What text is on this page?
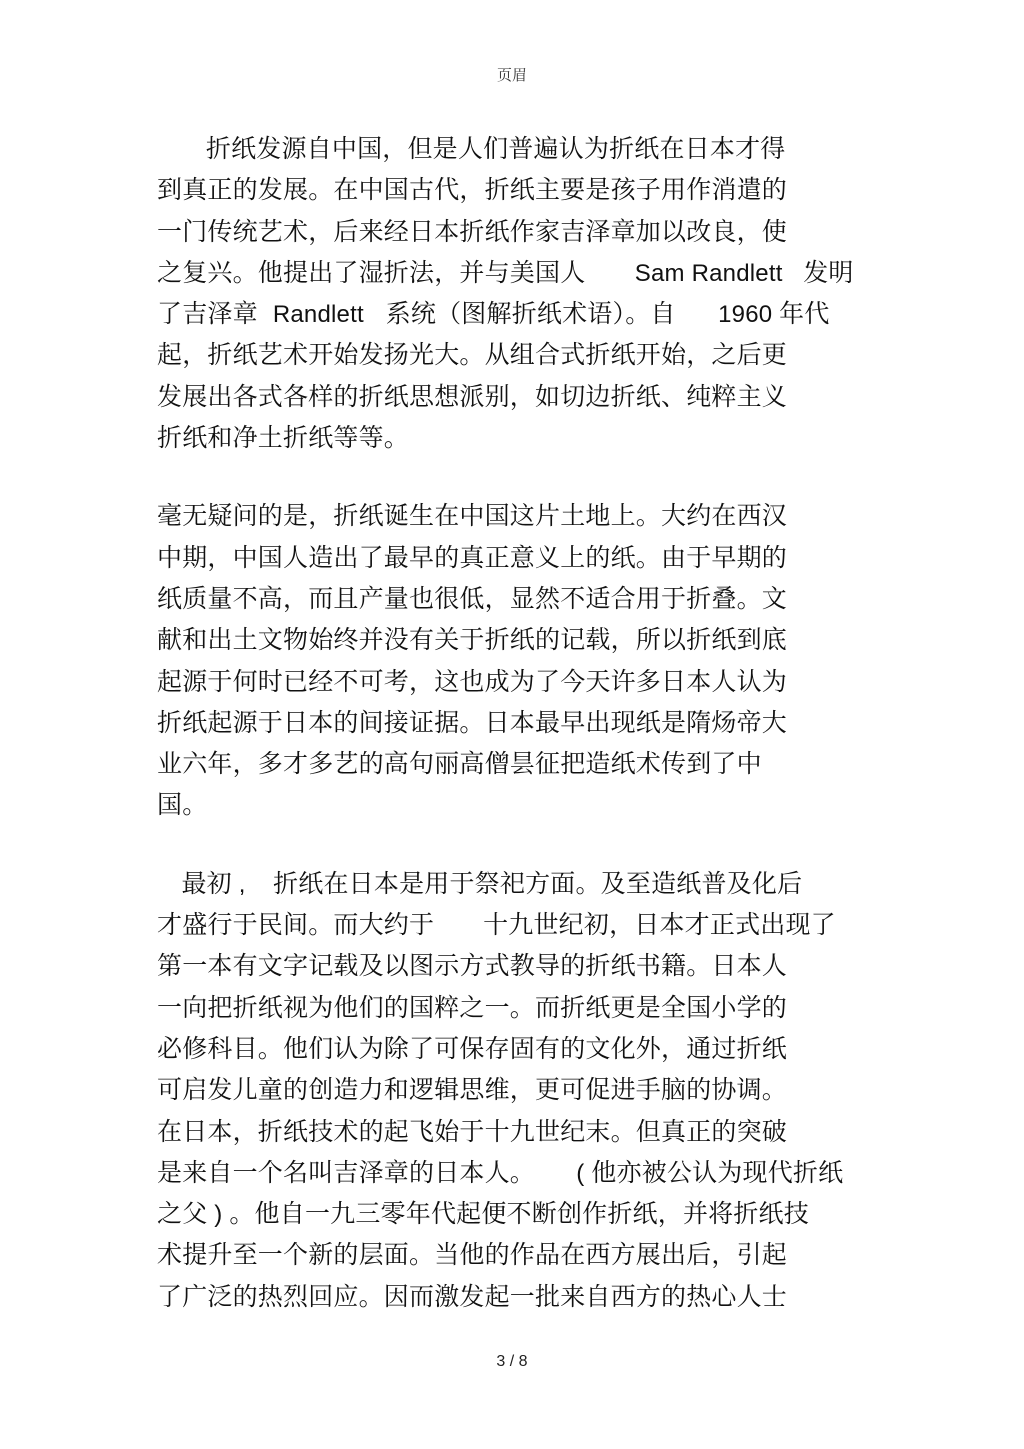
页眉
折纸发源自中国，但是人们普遍认为折纸在日本才得
到真正的发展。在中国古代，折纸主要是孩子用作消遣的
一门传统艺术，后来经日本折纸作家吉泽章加以改良，使
之复兴。他提出了湿折法，并与美国人       Sam Randlett   发明
了吉泽章  Randlett   系统（图解折纸术语）。自      1960 年代
起，折纸艺术开始发扬光大。从组合式折纸开始，之后更
发展出各式各样的折纸思想派别，如切边折纸、纯粹主义
折纸和净土折纸等等。
毫无疑问的是，折纸诞生在中国这片土地上。大约在西汉
中期，中国人造出了最早的真正意义上的纸。由于早期的
纸质量不高，而且产量也很低，显然不适合用于折叠。文
献和出土文物始终并没有关于折纸的记载，所以折纸到底
起源于何时已经不可考，这也成为了今天许多日本人认为
折纸起源于日本的间接证据。日本最早出现纸是隋炀帝大
业六年，多才多艺的高句丽高僧昙征把造纸术传到了中
国。
最初 ,    折纸在日本是用于祭祀方面。及至造纸普及化后
才盛行于民间。而大约于      十九世纪初，日本才正式出现了
第一本有文字记载及以图示方式教导的折纸书籍。日本人
一向把折纸视为他们的国粹之一。而折纸更是全国小学的
必修科目。他们认为除了可保存固有的文化外，通过折纸
可启发儿童的创造力和逻辑思维，更可促进手脑的协调。
在日本，折纸技术的起飞始于十九世纪末。但真正的突破
是来自一个名叫吉泽章的日本人。      ( 他亦被公认为现代折纸
之父 ) 。他自一九三零年代起便不断创作折纸，并将折纸技
术提升至一个新的层面。当他的作品在西方展出后，引起
了广泛的热烈回应。因而激发起一批来自西方的热心人士
3 / 8
